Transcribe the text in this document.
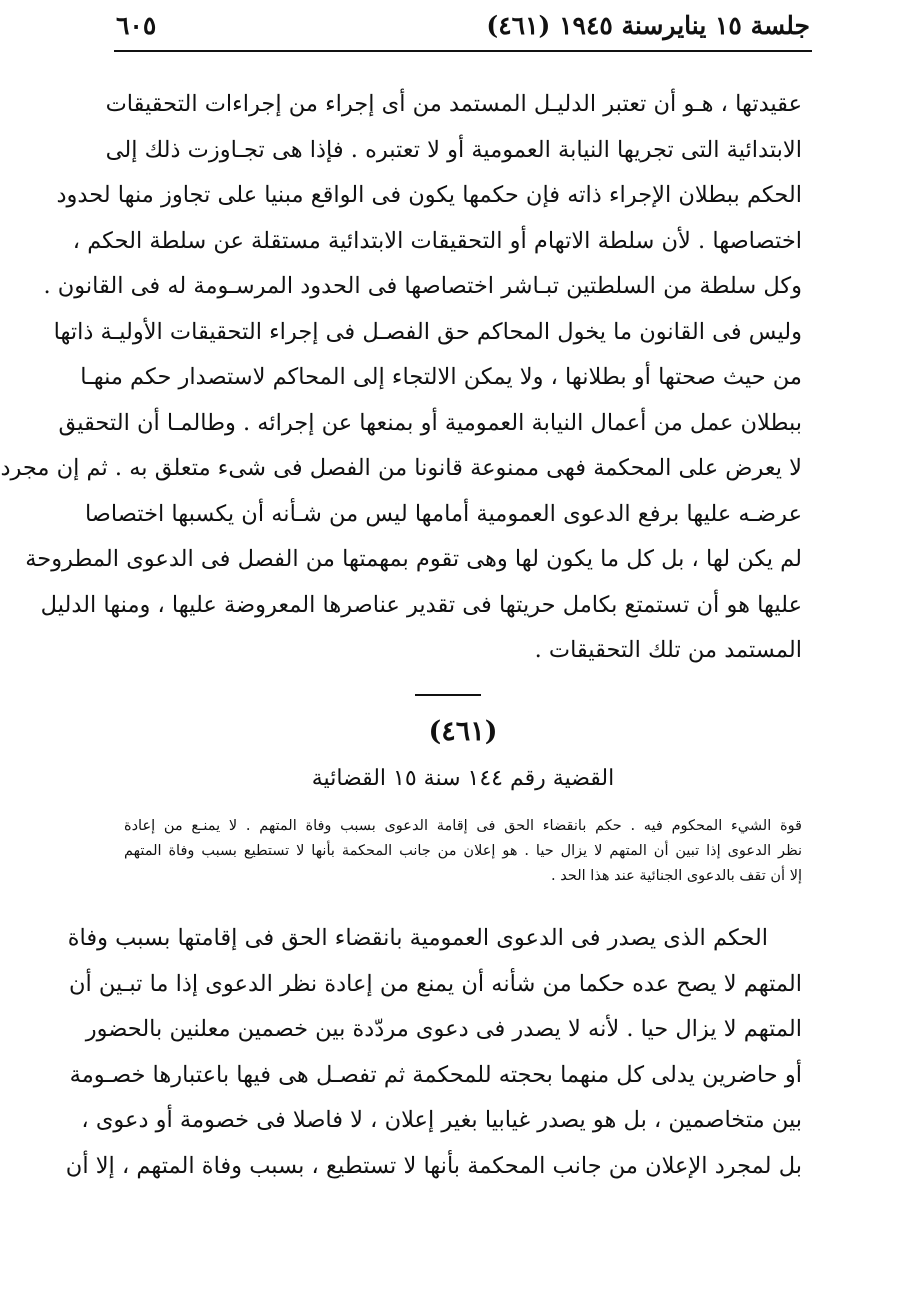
جلسة ١٥ ينايرسنة ١٩٤٥ (٤٦١)
٦٠٥
عقيدتها ، هـو أن تعتبر الدليـل المستمد من أى إجراء من إجراءات التحقيقات
الابتدائية التى تجريها النيابة العمومية أو لا تعتبره . فإذا هى تجـاوزت ذلك إلى
الحكم ببطلان الإجراء ذاته فإن حكمها يكون فى الواقع مبنيا على تجاوز منها لحدود
اختصاصها . لأن سلطة الاتهام أو التحقيقات الابتدائية مستقلة عن سلطة الحكم ،
وكل سلطة من السلطتين تبـاشر اختصاصها فى الحدود المرسـومة له فى القانون .
وليس فى القانون ما يخول المحاكم حق الفصـل فى إجراء التحقيقات الأوليـة ذاتها
من حيث صحتها أو بطلانها ، ولا يمكن الالتجاء إلى المحاكم لاستصدار حكم منهـا
ببطلان عمل من أعمال النيابة العمومية أو بمنعها عن إجرائه . وطالمـا أن التحقيق
لا يعرض على المحكمة فهى ممنوعة قانونا من الفصل فى شىء متعلق به . ثم إن مجرد
عرضـه عليها برفع الدعوى العمومية أمامها ليس من شـأنه أن يكسبها اختصاصا
لم يكن لها ، بل كل ما يكون لها وهى تقوم بمهمتها من الفصل فى الدعوى المطروحة
عليها هو أن تستمتع بكامل حريتها فى تقدير عناصرها المعروضة عليها ، ومنها الدليل
المستمد من تلك التحقيقات .
(٤٦١)
القضية رقم ١٤٤ سنة ١٥ القضائية
قوة الشيء المحكوم فيه . حكم بانقضاء الحق فى إقامة الدعوى بسبب وفاة المتهم . لا يمنـع من إعادة
نظر الدعوى إذا تبين أن المتهم لا يزال حيا . هو إعلان من جانب المحكمة بأنها لا تستطيع بسبب وفاة المتهم
إلا أن تقف بالدعوى الجنائية عند هذا الحد .
الحكم الذى يصدر فى الدعوى العمومية بانقضاء الحق فى إقامتها بسبب وفاة
المتهم لا يصح عده حكما من شأنه أن يمنع من إعادة نظر الدعوى إذا ما تبـين أن
المتهم لا يزال حيا . لأنه لا يصدر فى دعوى مردّدة بين خصمين معلنين بالحضور
أو حاضرين يدلى كل منهما بحجته للمحكمة ثم تفصـل هى فيها باعتبارها خصـومة
بين متخاصمين ، بل هو يصدر غيابيا بغير إعلان ، لا فاصلا فى خصومة أو دعوى ،
بل لمجرد الإعلان من جانب المحكمة بأنها لا تستطيع ، بسبب وفاة المتهم ، إلا أن
